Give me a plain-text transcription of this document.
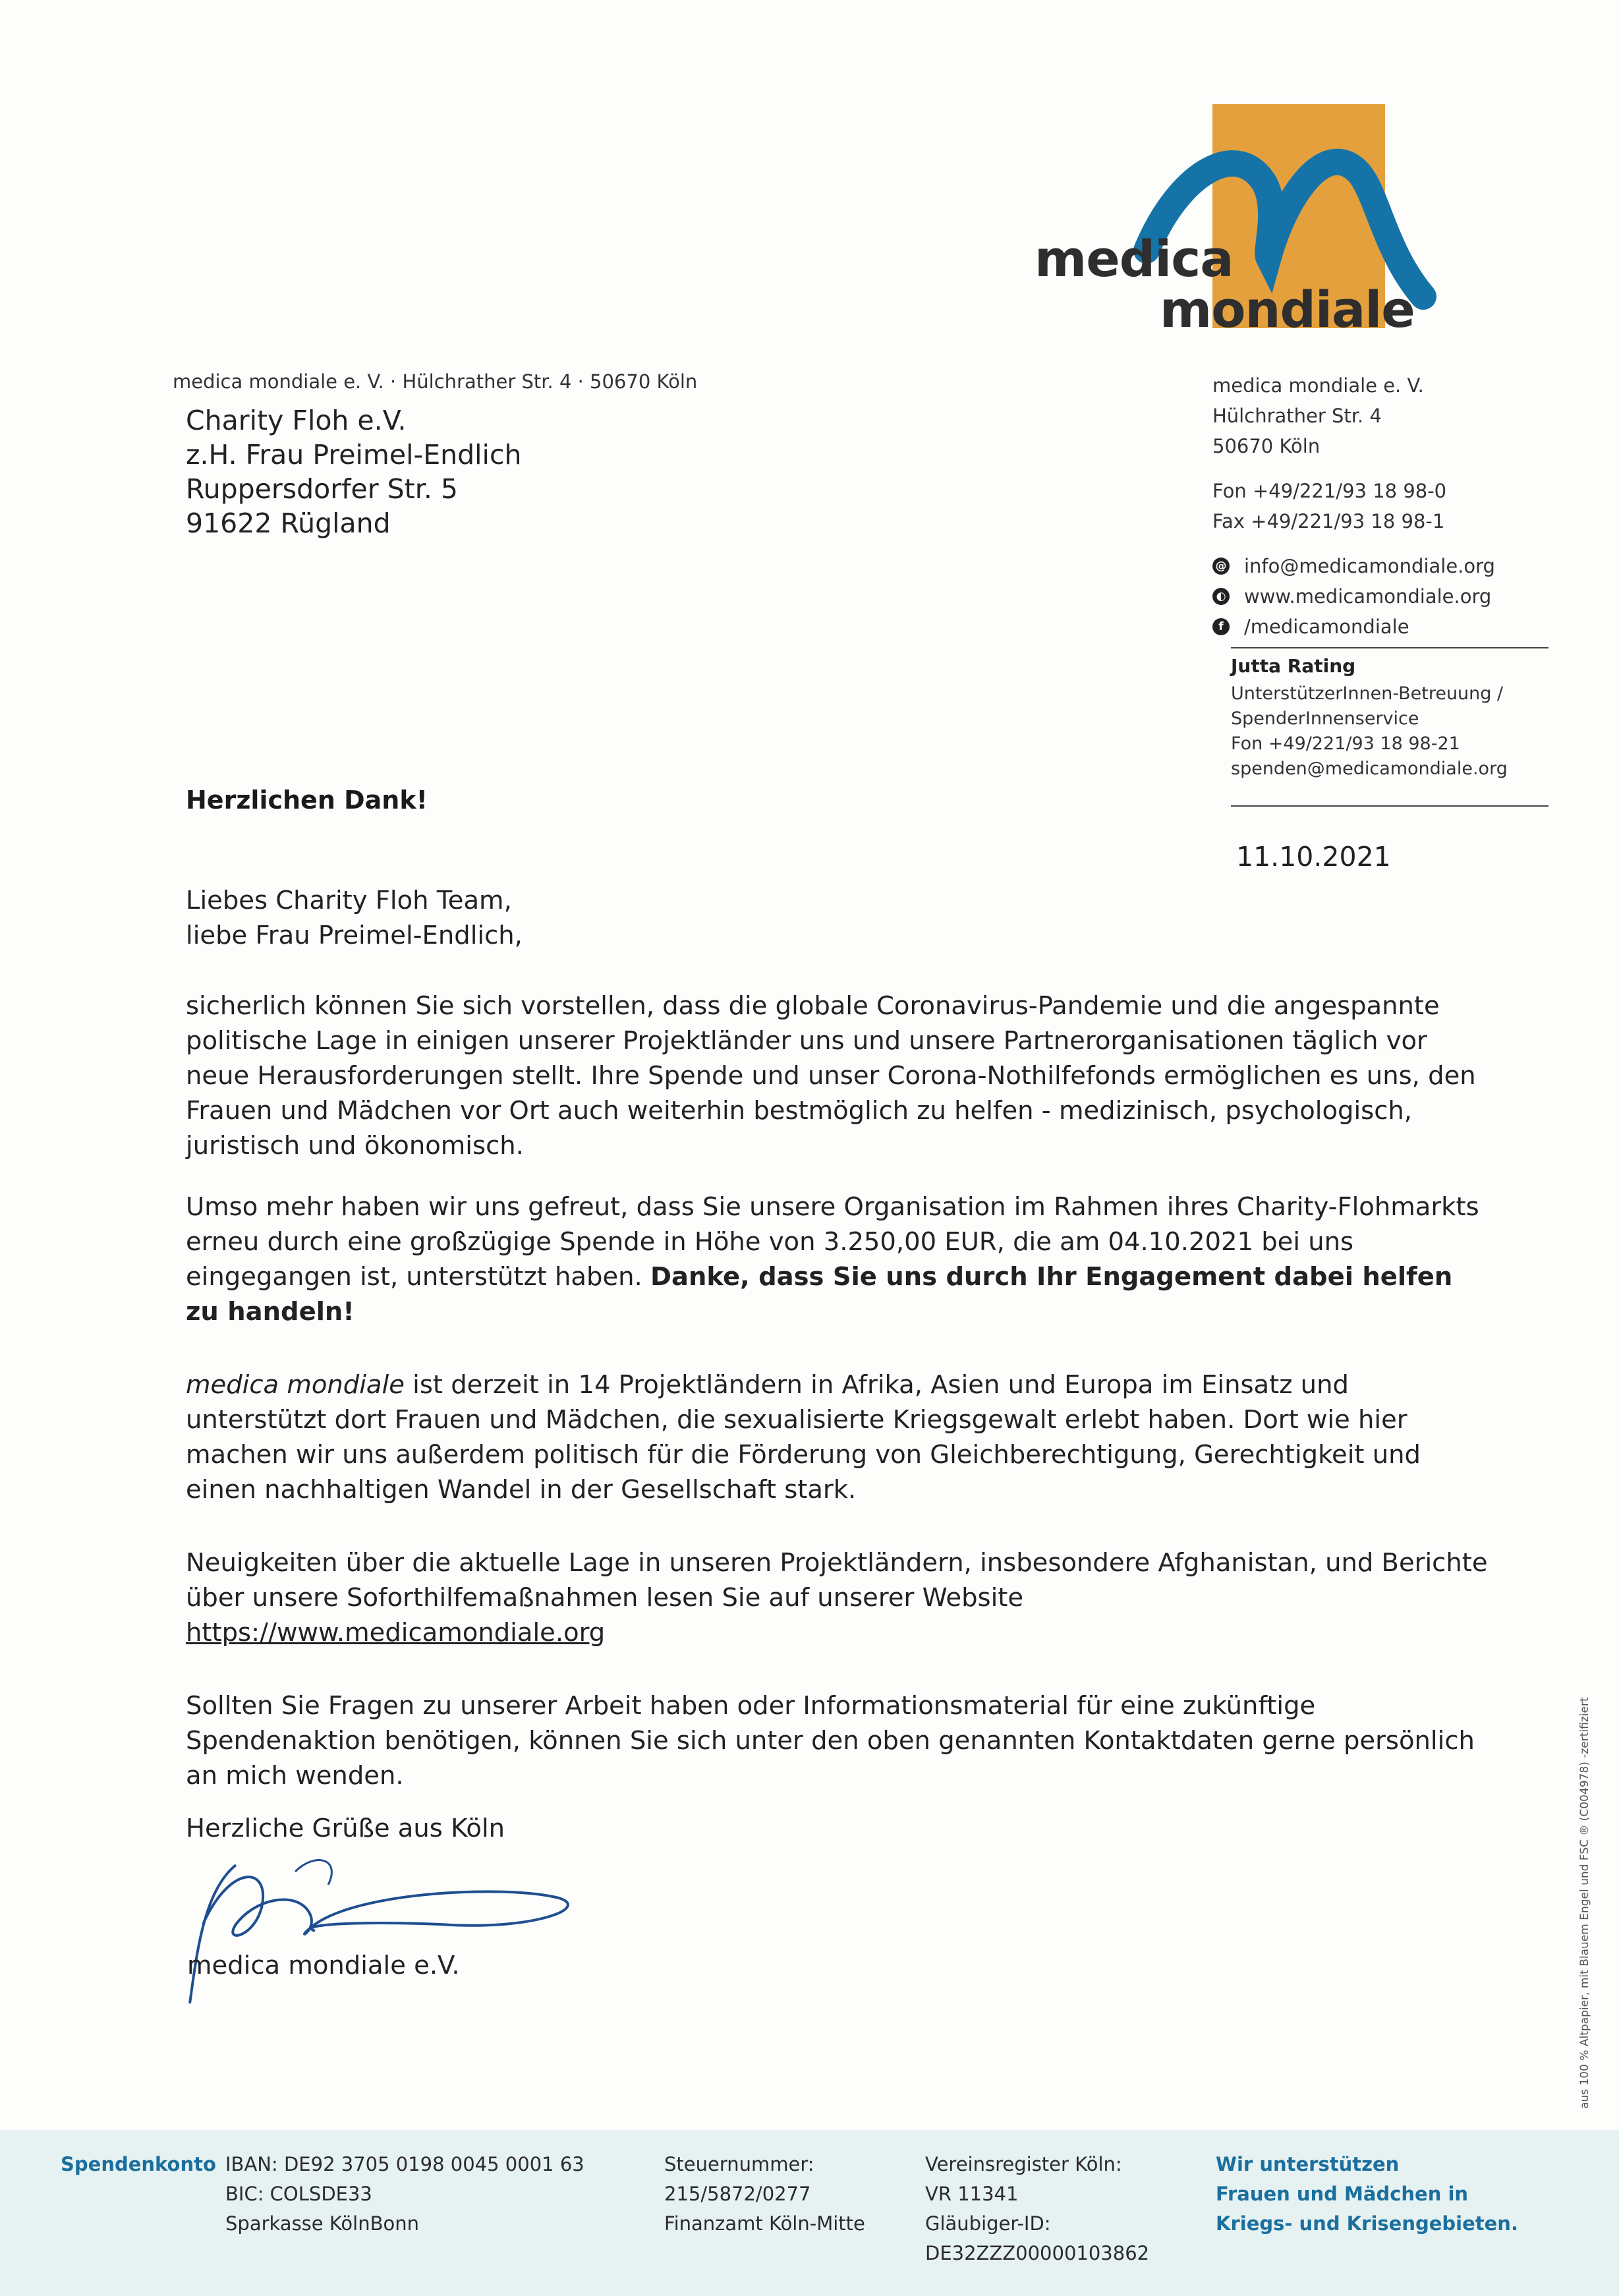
medica
mondiale
medica mondiale e. V. · Hülchrather Str. 4 · 50670 Köln
Charity Floh e.V.
z.H. Frau Preimel-Endlich
Ruppersdorfer Str. 5
91622 Rügland
medica mondiale e. V.
Hülchrather Str. 4
50670 Köln
Fon +49/221/93 18 98-0
Fax +49/221/93 18 98-1
@ info@medicamondiale.org
◐ www.medicamondiale.org
f	/medicamondiale
Jutta Rating
UnterstützerInnen-Betreuung /
SpenderInnenservice
Fon +49/221/93 18 98-21
spenden@medicamondiale.org
11.10.2021
Herzlichen Dank!
Liebes Charity Floh Team,
liebe Frau Preimel-Endlich,

sicherlich können Sie sich vorstellen, dass die globale Coronavirus-Pandemie und die angespannte politische Lage in einigen unserer Projektländer uns und unsere Partnerorganisationen täglich vor neue Herausforderungen stellt. Ihre Spende und unser Corona-Nothilfefonds ermöglichen es uns, den Frauen und Mädchen vor Ort auch weiterhin bestmöglich zu helfen - medizinisch, psychologisch, juristisch und ökonomisch.

Umso mehr haben wir uns gefreut, dass Sie unsere Organisation im Rahmen ihres Charity-Flohmarkts erneu durch eine großzügige Spende in Höhe von 3.250,00 EUR, die am 04.10.2021 bei uns eingegangen ist, unterstützt haben. Danke, dass Sie uns durch Ihr Engagement dabei helfen zu handeln!

medica mondiale ist derzeit in 14 Projektländern in Afrika, Asien und Europa im Einsatz und unterstützt dort Frauen und Mädchen, die sexualisierte Kriegsgewalt erlebt haben. Dort wie hier machen wir uns außerdem politisch für die Förderung von Gleichberechtigung, Gerechtigkeit und einen nachhaltigen Wandel in der Gesellschaft stark.

Neuigkeiten über die aktuelle Lage in unseren Projektländern, insbesondere Afghanistan, und Berichte über unsere Soforthilfemaßnahmen lesen Sie auf unserer Website
https://www.medicamondiale.org

Sollten Sie Fragen zu unserer Arbeit haben oder Informationsmaterial für eine zukünftige Spendenaktion benötigen, können Sie sich unter den oben genannten Kontaktdaten gerne persönlich an mich wenden.

Herzliche Grüße aus Köln
medica mondiale e.V.	aus 100 % Altpapier, mit Blauem Engel und FSC ® (C004978) -zertifiziert
Spendenkonto IBAN: DE92 3705 0198 0045 0001 63
BIC: COLSDE33
Sparkasse KölnBonn
Steuernummer:
215/5872/0277
Finanzamt Köln-Mitte
Vereinsregister Köln:
VR 11341
Gläubiger-ID:
DE32ZZZ00000103862
Wir unterstützen
Frauen und Mädchen in
Kriegs- und Krisengebieten.
